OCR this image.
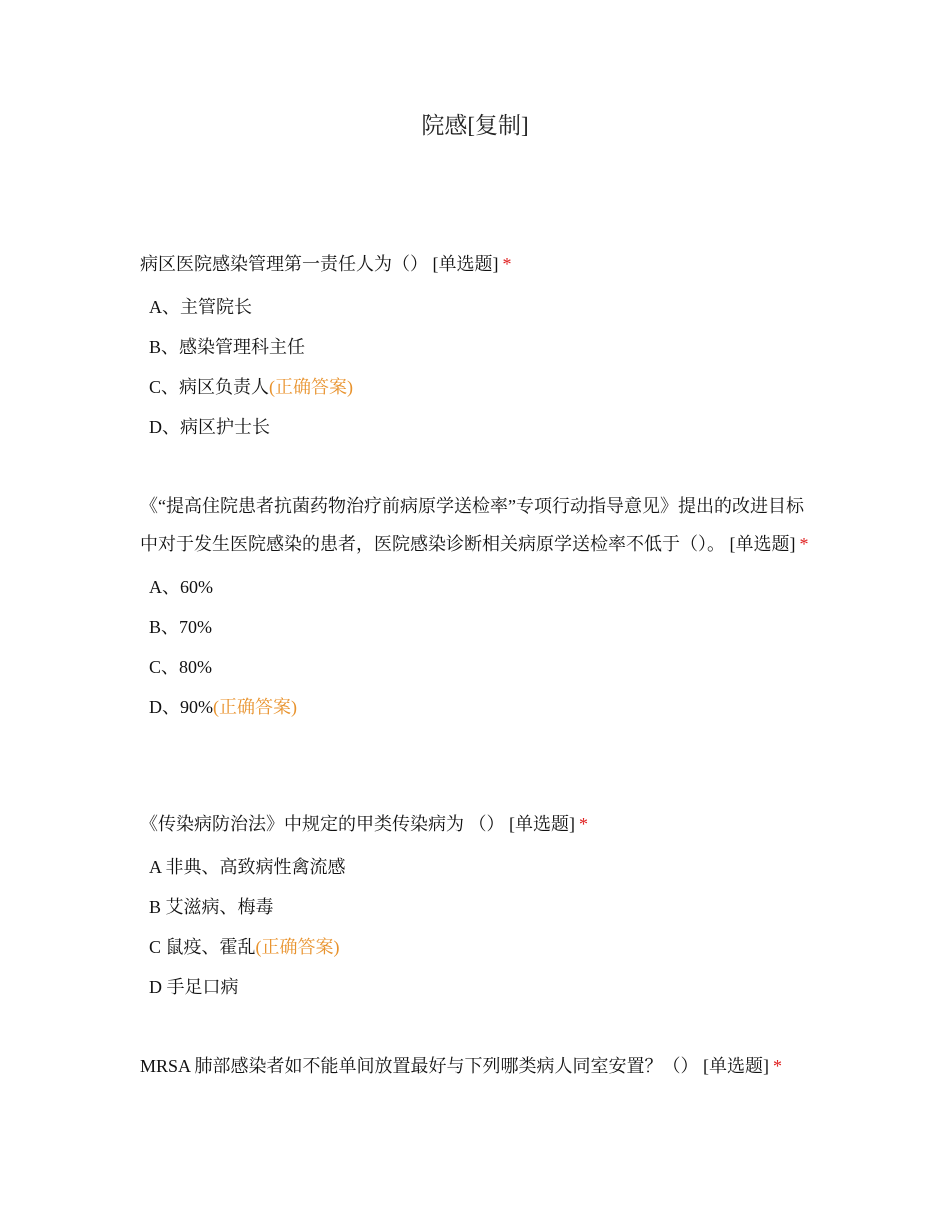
院感[复制]

病区医院感染管理第一责任人为（） [单选题] *

A、主管院长
B、感染管理科主任
C、病区负责人(正确答案)
D、病区护士长

《“提高住院患者抗菌药物治疗前病原学送检率”专项行动指导意见》提出的改进目标中对于发生医院感染的患者，医院感染诊断相关病原学送检率不低于（）。 [单选题] *

A、60%
B、70%
C、80%
D、90%(正确答案)

《传染病防治法》中规定的甲类传染病为 （） [单选题] *

A 非典、高致病性禽流感
B 艾滋病、梅毒
C 鼠疫、霍乱(正确答案)
D 手足口病

MRSA 肺部感染者如不能单间放置最好与下列哪类病人同室安置？（） [单选题] *
